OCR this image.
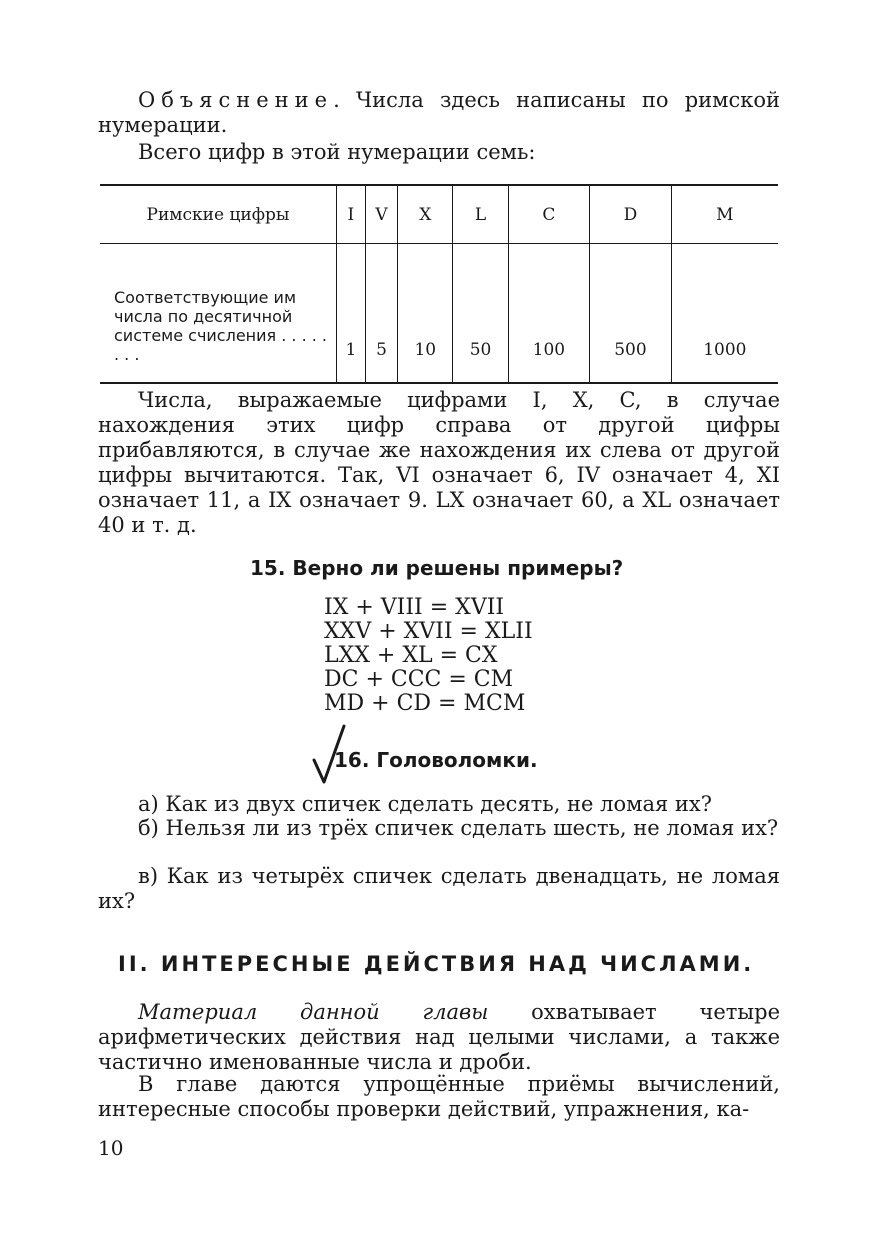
Объяснение. Числа здесь написаны по римской нумерации.

Всего цифр в этой нумерации семь:

Римские цифры	I	V	X	L	C	D	M
Соответствующие им числа по десятичной системе счисления . . . . . . . .	1	5	10	50	100	500	1000

Числа, выражаемые цифрами I, X, C, в случае нахождения этих цифр справа от другой цифры прибавляются, в случае же нахождения их слева от другой цифры вычитаются. Так, VI означает 6, IV означает 4, XI означает 11, а IX означает 9. LX означает 60, а XL означает 40 и т. д.

15. Верно ли решены примеры?

IX + VIII = XVII
XXV + XVII = XLII
LXX + XL = CX
DC + CCC = CM
MD + CD = MCM

16. Головоломки.

а) Как из двух спичек сделать десять, не ломая их?

б) Нельзя ли из трёх спичек сделать шесть, не ломая их?

в) Как из четырёх спичек сделать двенадцать, не ломая их?

II. ИНТЕРЕСНЫЕ ДЕЙСТВИЯ НАД ЧИСЛАМИ.

Материал данной главы охватывает четыре арифметических действия над целыми числами, а также частично именованные числа и дроби.

В главе даются упрощённые приёмы вычислений, интересные способы проверки действий, упражнения, ка-

10
